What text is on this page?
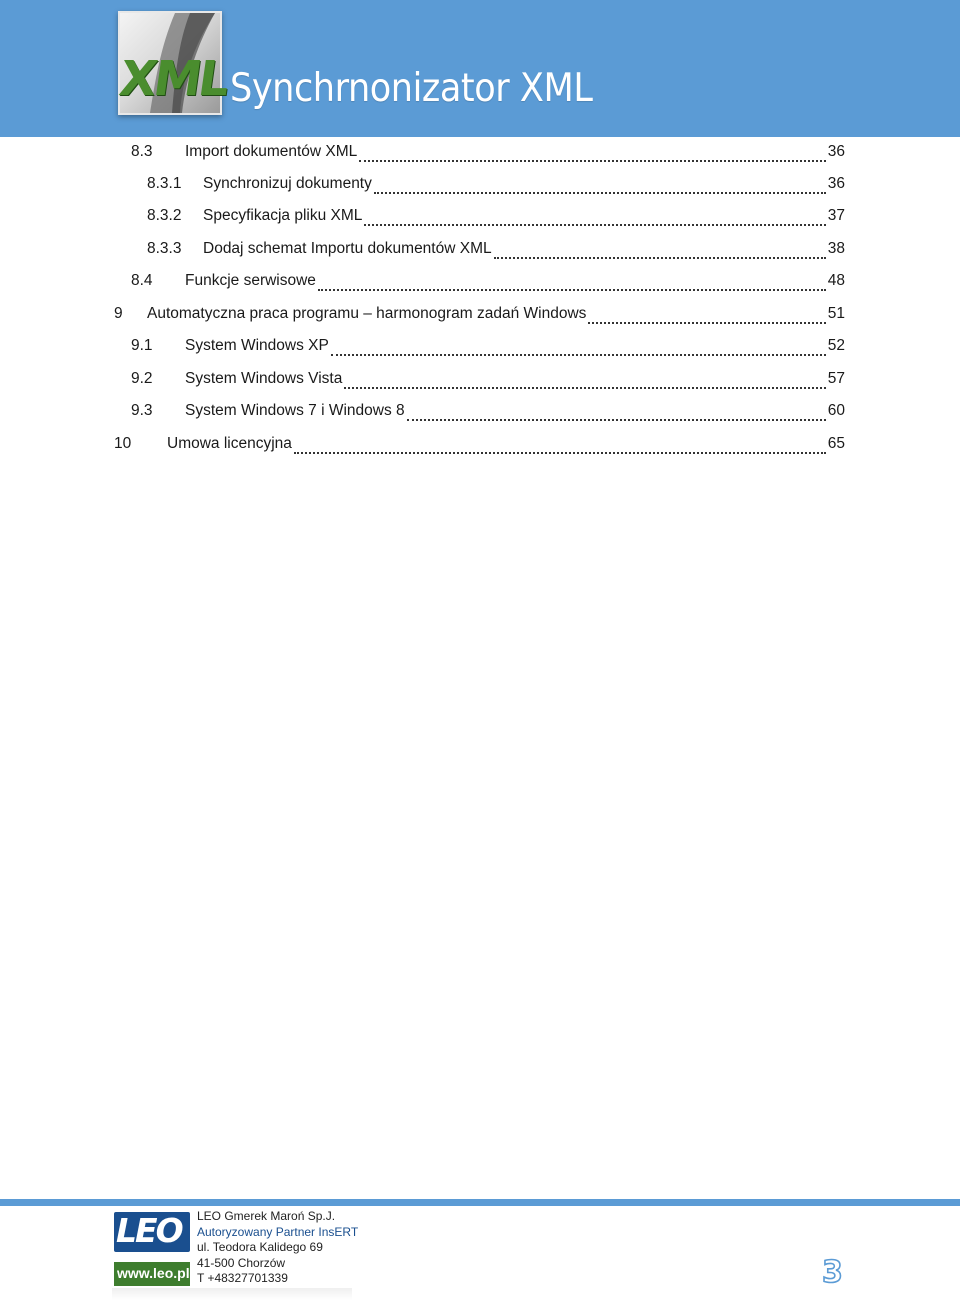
XML Synchrnonizator XML
8.3 Import dokumentów XML	36
8.3.1 Synchronizuj dokumenty	36
8.3.2 Specyfikacja pliku XML	37
8.3.3 Dodaj schemat Importu dokumentów XML	38
8.4 Funkcje serwisowe	48
9 Automatyczna praca programu – harmonogram zadań Windows	51
9.1 System Windows XP	52
9.2 System Windows Vista	57
9.3 System Windows 7 i Windows 8	60
10 Umowa licencyjna	65
LEO
www.leo.pl
LEO Gmerek Maroń Sp.J.
Autoryzowany Partner InsERT
ul. Teodora Kalidego 69
41-500 Chorzów
T +48327701339	3
